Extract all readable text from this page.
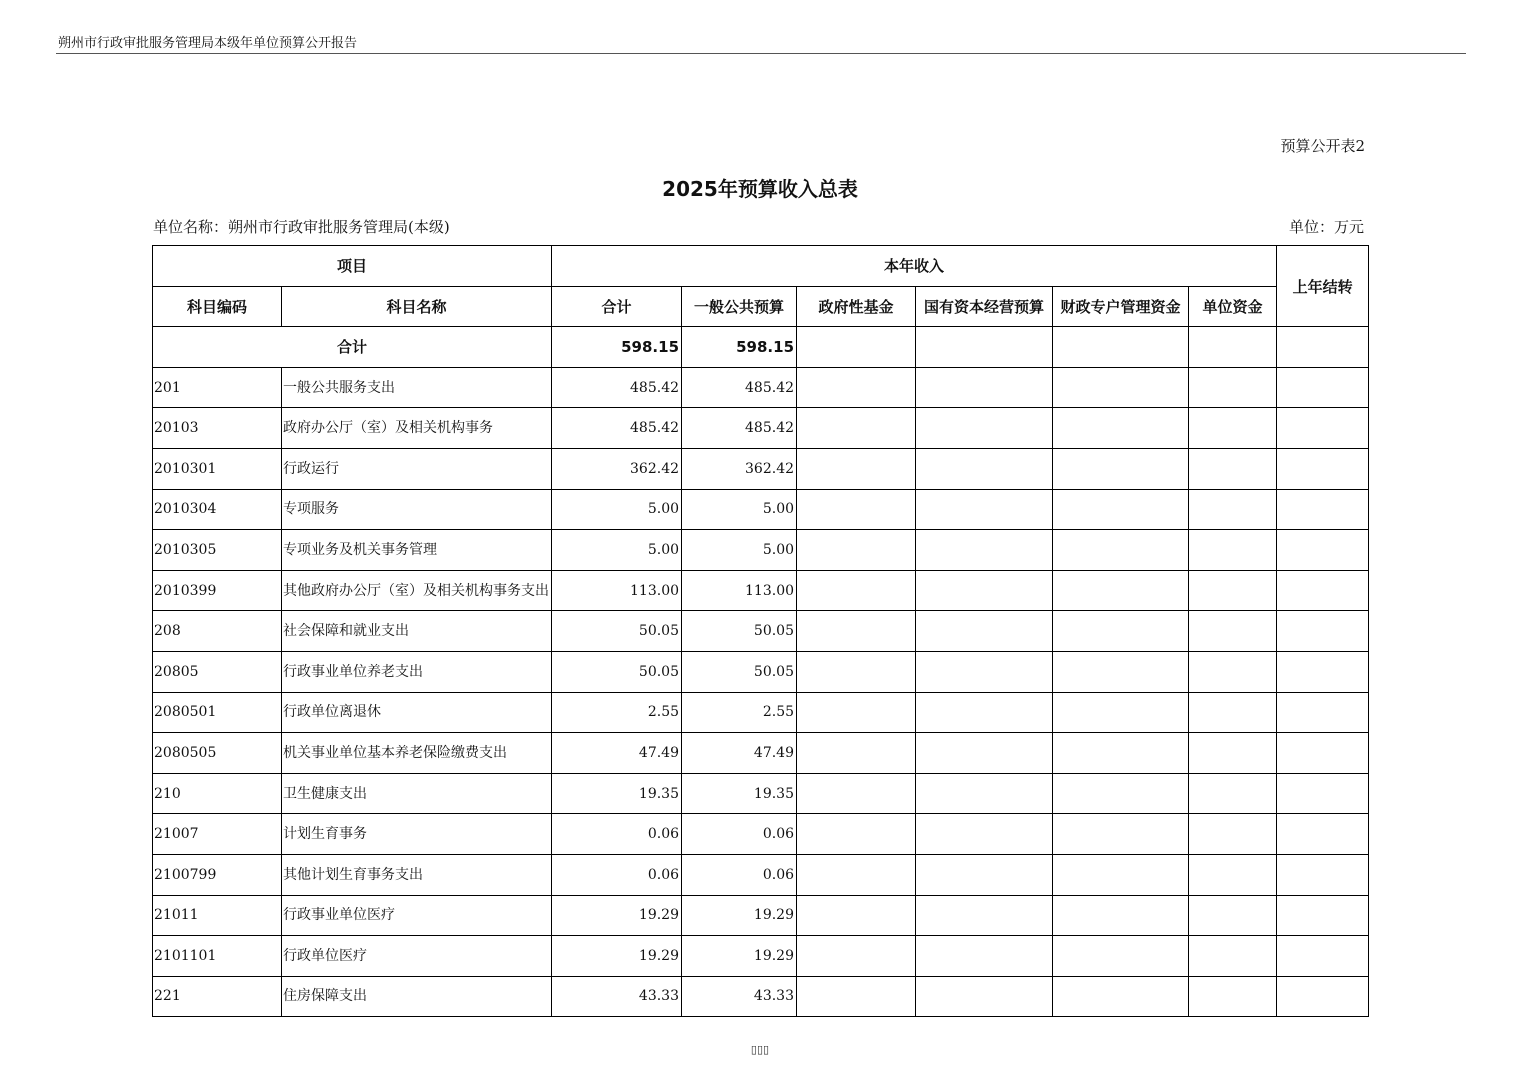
朔州市行政审批服务管理局本级年单位预算公开报告
预算公开表2
2025年预算收入总表
单位名称：朔州市行政审批服务管理局(本级)	单位：万元
项目		本年收入						上年结转
科目编码	科目名称	合计	一般公共预算	政府性基金	国有资本经营预算	财政专户管理资金	单位资金	
合计		598.15	598.15					
201	一般公共服务支出	485.42	485.42					
20103	政府办公厅（室）及相关机构事务	485.42	485.42					
2010301	行政运行	362.42	362.42					
2010304	专项服务	5.00	5.00					
2010305	专项业务及机关事务管理	5.00	5.00					
2010399	其他政府办公厅（室）及相关机构事务支出	113.00	113.00					
208	社会保障和就业支出	50.05	50.05					
20805	行政事业单位养老支出	50.05	50.05					
2080501	行政单位离退休	2.55	2.55					
2080505	机关事业单位基本养老保险缴费支出	47.49	47.49					
210	卫生健康支出	19.35	19.35					
21007	计划生育事务	0.06	0.06					
2100799	其他计划生育事务支出	0.06	0.06					
21011	行政事业单位医疗	19.29	19.29					
2101101	行政单位医疗	19.29	19.29					
221	住房保障支出	43.33	43.33					
▯▯▯
